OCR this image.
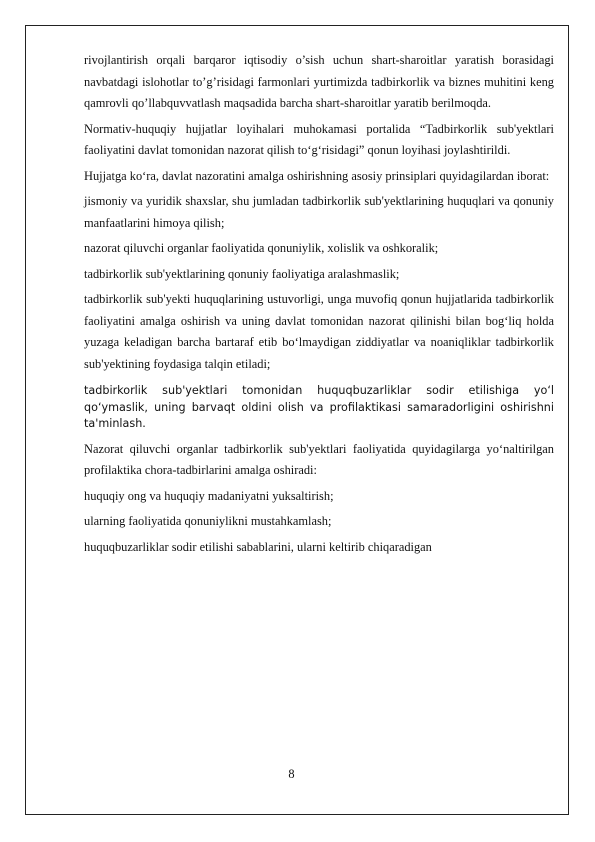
rivojlantirish orqali barqaror iqtisodiy o’sish uchun shart-sharoitlar yaratish borasidagi navbatdagi islohotlar to’g’risidagi farmonlari yurtimizda tadbirkorlik va biznes muhitini keng qamrovli qo’llabquvvatlash maqsadida barcha shart-sharoitlar yaratib berilmoqda.

Normativ-huquqiy hujjatlar loyihalari muhokamasi portalida “Tadbirkorlik sub'yektlari faoliyatini davlat tomonidan nazorat qilish to‘g‘risidagi” qonun loyihasi joylashtirildi.

Hujjatga ko‘ra, davlat nazoratini amalga oshirishning asosiy prinsiplari quyidagilardan iborat:

jismoniy va yuridik shaxslar, shu jumladan tadbirkorlik sub'yektlarining huquqlari va qonuniy manfaatlarini himoya qilish;

nazorat qiluvchi organlar faoliyatida qonuniylik, xolislik va oshkoralik;

tadbirkorlik sub'yektlarining qonuniy faoliyatiga aralashmaslik;

tadbirkorlik sub'yekti huquqlarining ustuvorligi, unga muvofiq qonun hujjatlarida tadbirkorlik faoliyatini amalga oshirish va uning davlat tomonidan nazorat qilinishi bilan bog‘liq holda yuzaga keladigan barcha bartaraf etib bo‘lmaydigan ziddiyatlar va noaniqliklar tadbirkorlik sub'yektining foydasiga talqin etiladi;

tadbirkorlik sub'yektlari tomonidan huquqbuzarliklar sodir etilishiga yo‘l qo‘ymaslik, uning barvaqt oldini olish va profilaktikasi samaradorligini oshirishni ta'minlash.

Nazorat qiluvchi organlar tadbirkorlik sub'yektlari faoliyatida quyidagilarga yo‘naltirilgan profilaktika chora-tadbirlarini amalga oshiradi:

huquqiy ong va huquqiy madaniyatni yuksaltirish;

ularning faoliyatida qonuniylikni mustahkamlash;

huquqbuzarliklar sodir etilishi sabablarini, ularni keltirib chiqaradigan

8
